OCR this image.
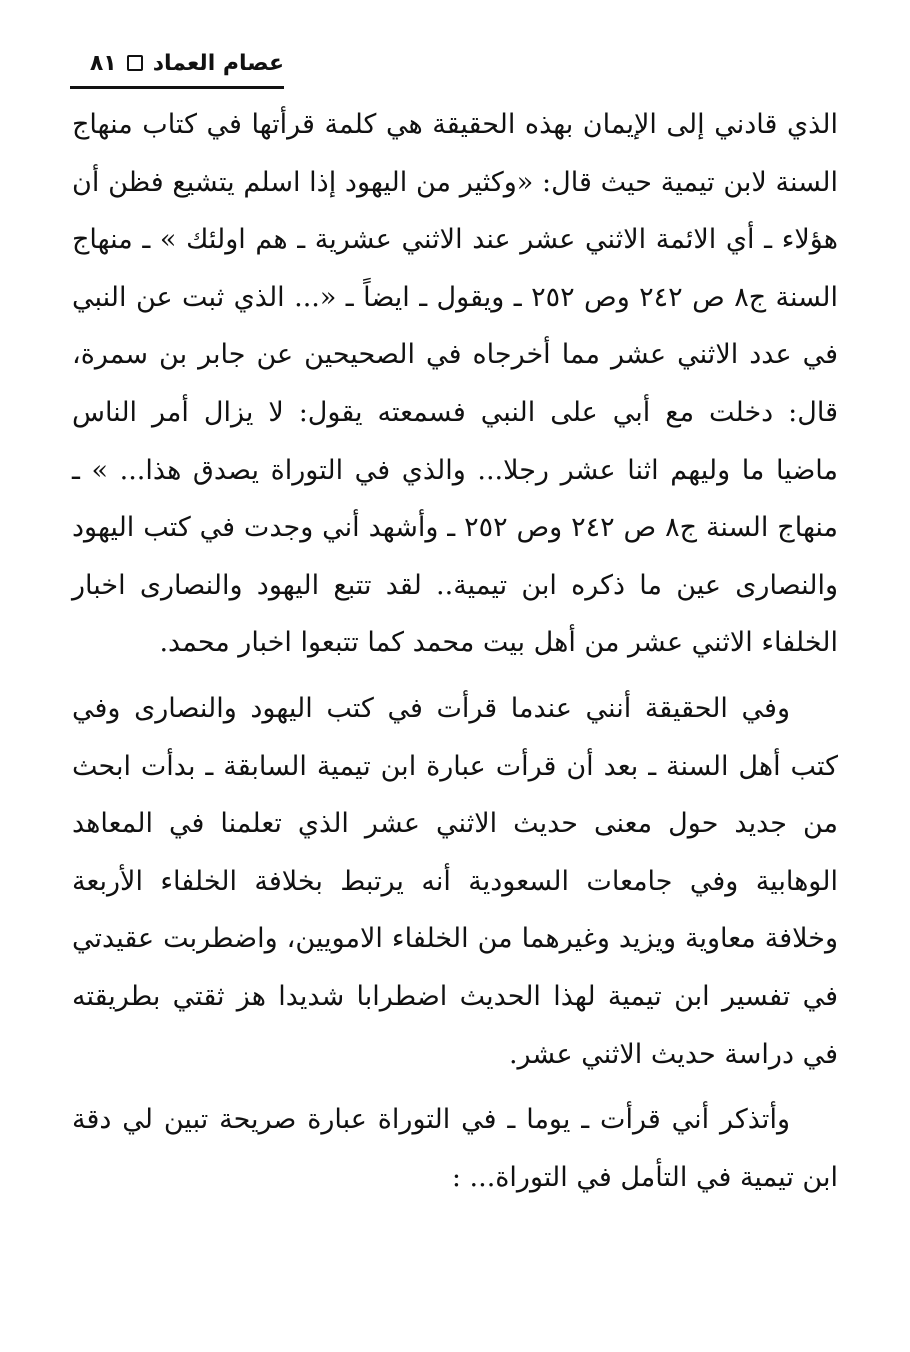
عصام العماد
٨١

الذي قادني إلى الإيمان بهذه الحقيقة هي كلمة قرأتها في كتاب منهاج السنة لابن تيمية حيث قال: «وكثير من اليهود إذا اسلم يتشيع فظن أن هؤلاء ـ أي الائمة الاثني عشر عند الاثني عشرية ـ هم اولئك » ـ منهاج السنة ج٨ ص ٢٤٢ وص ٢٥٢ ـ ويقول ـ ايضاً ـ «... الذي ثبت عن النبي في عدد الاثني عشر مما أخرجاه في الصحيحين عن جابر بن سمرة، قال: دخلت مع أبي على النبي فسمعته يقول: لا يزال أمر الناس ماضيا ما وليهم اثنا عشر رجلا... والذي في التوراة يصدق هذا... » ـ منهاج السنة ج٨ ص ٢٤٢ وص ٢٥٢ ـ وأشهد أني وجدت في كتب اليهود والنصارى عين ما ذكره ابن تيمية.. لقد تتبع اليهود والنصارى اخبار الخلفاء الاثني عشر من أهل بيت محمد كما تتبعوا اخبار محمد.

وفي الحقيقة أنني عندما قرأت في كتب اليهود والنصارى وفي كتب أهل السنة ـ بعد أن قرأت عبارة ابن تيمية السابقة ـ بدأت ابحث من جديد حول معنى حديث الاثني عشر الذي تعلمنا في المعاهد الوهابية وفي جامعات السعودية أنه يرتبط بخلافة الخلفاء الأربعة وخلافة معاوية ويزيد وغيرهما من الخلفاء الامويين، واضطربت عقيدتي في تفسير ابن تيمية لهذا الحديث اضطرابا شديدا هز ثقتي بطريقته في دراسة حديث الاثني عشر.

وأتذكر أني قرأت ـ يوما ـ في التوراة عبارة صريحة تبين لي دقة ابن تيمية في التأمل في التوراة... :
